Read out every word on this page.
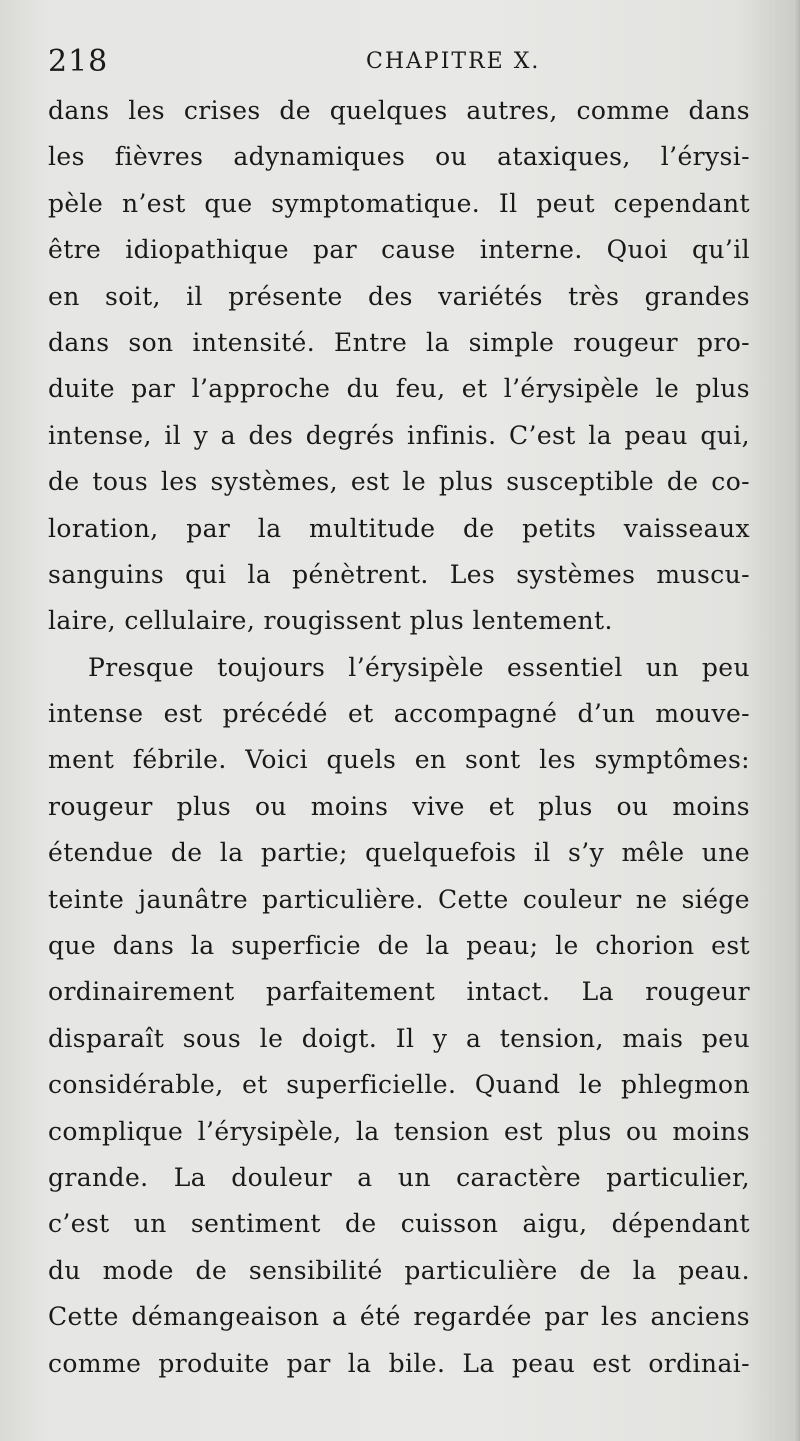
218	CHAPITRE X.
dans les crises de quelques autres, comme dans
les fièvres adynamiques ou ataxiques, l’érysi-
pèle n’est que symptomatique. Il peut cependant
être idiopathique par cause interne. Quoi qu’il
en soit, il présente des variétés très grandes
dans son intensité. Entre la simple rougeur pro-
duite par l’approche du feu, et l’érysipèle le plus
intense, il y a des degrés infinis. C’est la peau qui,
de tous les systèmes, est le plus susceptible de co-
loration, par la multitude de petits vaisseaux
sanguins qui la pénètrent. Les systèmes muscu-
laire, cellulaire, rougissent plus lentement.
Presque toujours l’érysipèle essentiel un peu
intense est précédé et accompagné d’un mouve-
ment fébrile. Voici quels en sont les symptômes:
rougeur plus ou moins vive et plus ou moins
étendue de la partie; quelquefois il s’y mêle une
teinte jaunâtre particulière. Cette couleur ne siége
que dans la superficie de la peau; le chorion est
ordinairement parfaitement intact. La rougeur
disparaît sous le doigt. Il y a tension, mais peu
considérable, et superficielle. Quand le phlegmon
complique l’érysipèle, la tension est plus ou moins
grande. La douleur a un caractère particulier,
c’est un sentiment de cuisson aigu, dépendant
du mode de sensibilité particulière de la peau.
Cette démangeaison a été regardée par les anciens
comme produite par la bile. La peau est ordinai-
